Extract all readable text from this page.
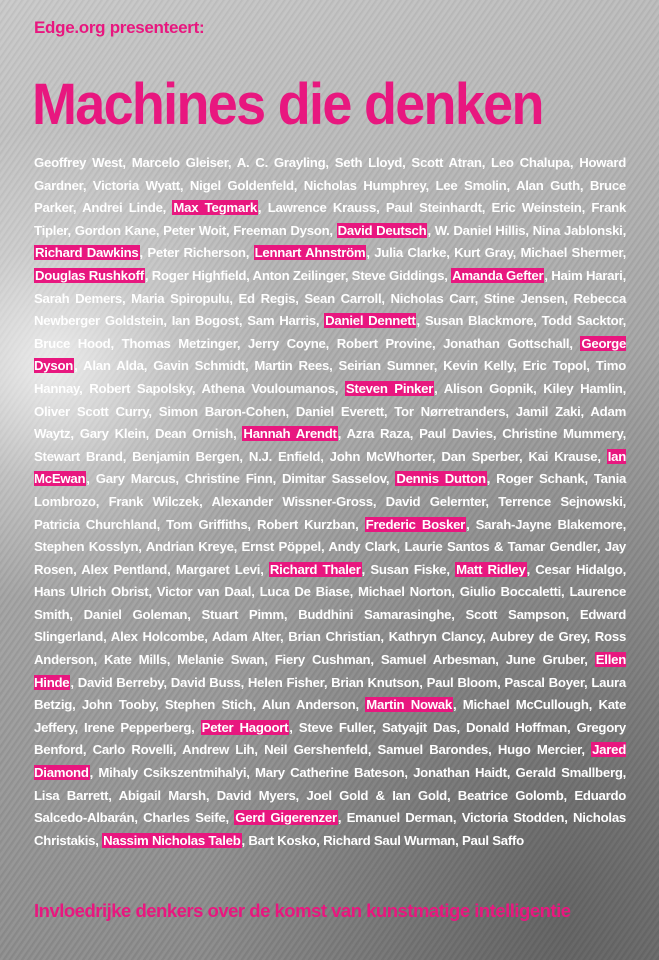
Edge.org presenteert:
Machines die denken
Geoffrey West, Marcelo Gleiser, A. C. Grayling, Seth Lloyd, Scott Atran, Leo Chalupa, Howard Gardner, Victoria Wyatt, Nigel Goldenfeld, Nicholas Humphrey, Lee Smolin, Alan Guth, Bruce Parker, Andrei Linde, Max Tegmark, Lawrence Krauss, Paul Steinhardt, Eric Weinstein, Frank Tipler, Gordon Kane, Peter Woit, Freeman Dyson, David Deutsch, W. Daniel Hillis, Nina Jablonski, Richard Dawkins, Peter Richerson, Lennart Ahnström, Julia Clarke, Kurt Gray, Michael Shermer, Douglas Rushkoff, Roger Highfield, Anton Zeilinger, Steve Giddings, Amanda Gefter, Haim Harari, Sarah Demers, Maria Spiropulu, Ed Regis, Sean Carroll, Nicholas Carr, Stine Jensen, Rebecca Newberger Goldstein, Ian Bogost, Sam Harris, Daniel Dennett, Susan Blackmore, Todd Sacktor, Bruce Hood, Thomas Metzinger, Jerry Coyne, Robert Provine, Jonathan Gottschall, George Dyson, Alan Alda, Gavin Schmidt, Martin Rees, Seirian Sumner, Kevin Kelly, Eric Topol, Timo Hannay, Robert Sapolsky, Athena Vouloumanos, Steven Pinker, Alison Gopnik, Kiley Hamlin, Oliver Scott Curry, Simon Baron-Cohen, Daniel Everett, Tor Nørretranders, Jamil Zaki, Adam Waytz, Gary Klein, Dean Ornish, Hannah Arendt, Azra Raza, Paul Davies, Christine Mummery, Stewart Brand, Benjamin Bergen, N.J. Enfield, John McWhorter, Dan Sperber, Kai Krause, Ian McEwan, Gary Marcus, Christine Finn, Dimitar Sasselov, Dennis Dutton, Roger Schank, Tania Lombrozo, Frank Wilczek, Alexander Wissner-Gross, David Gelernter, Terrence Sejnowski, Patricia Churchland, Tom Griffiths, Robert Kurzban, Frederic Bosker, Sarah-Jayne Blakemore, Stephen Kosslyn, Andrian Kreye, Ernst Pöppel, Andy Clark, Laurie Santos & Tamar Gendler, Jay Rosen, Alex Pentland, Margaret Levi, Richard Thaler, Susan Fiske, Matt Ridley, Cesar Hidalgo, Hans Ulrich Obrist, Victor van Daal, Luca De Biase, Michael Norton, Giulio Boccaletti, Laurence Smith, Daniel Goleman, Stuart Pimm, Buddhini Samarasinghe, Scott Sampson, Edward Slingerland, Alex Holcombe, Adam Alter, Brian Christian, Kathryn Clancy, Aubrey de Grey, Ross Anderson, Kate Mills, Melanie Swan, Fiery Cushman, Samuel Arbesman, June Gruber, Ellen Hinde, David Berreby, David Buss, Helen Fisher, Brian Knutson, Paul Bloom, Pascal Boyer, Laura Betzig, John Tooby, Stephen Stich, Alun Anderson, Martin Nowak, Michael McCullough, Kate Jeffery, Irene Pepperberg, Peter Hagoort, Steve Fuller, Satyajit Das, Donald Hoffman, Gregory Benford, Carlo Rovelli, Andrew Lih, Neil Gershenfeld, Samuel Barondes, Hugo Mercier, Jared Diamond, Mihaly Csikszentmihalyi, Mary Catherine Bateson, Jonathan Haidt, Gerald Smallberg, Lisa Barrett, Abigail Marsh, David Myers, Joel Gold & Ian Gold, Beatrice Golomb, Eduardo Salcedo-Albarán, Charles Seife, Gerd Gigerenzer, Emanuel Derman, Victoria Stodden, Nicholas Christakis, Nassim Nicholas Taleb, Bart Kosko, Richard Saul Wurman, Paul Saffo
Invloedrijke denkers over de komst van kunstmatige intelligentie
